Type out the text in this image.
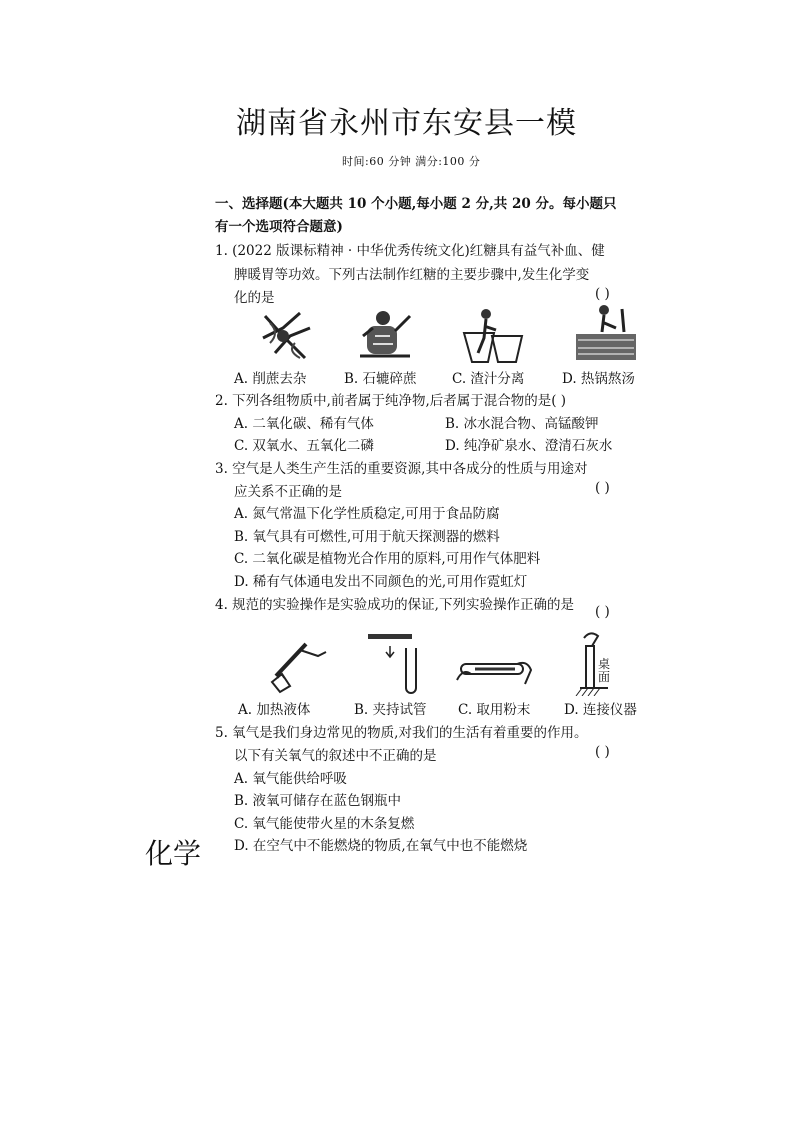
湖南省永州市东安县一模
时间:60 分钟 满分:100 分
一、选择题(本大题共 10 个小题,每小题 2 分,共 20 分。每小题只
有一个选项符合题意)
1. (2022 版课标精神 · 中华优秀传统文化)红糖具有益气补血、健
脾暖胃等功效。下列古法制作红糖的主要步骤中,发生化学变
化的是	( )
A. 削蔗去杂	B. 石辘碎蔗	C. 渣汁分离	D. 热锅熬汤
2. 下列各组物质中,前者属于纯净物,后者属于混合物的是( )
A. 二氧化碳、稀有气体	B. 冰水混合物、高锰酸钾
C. 双氧水、五氧化二磷	D. 纯净矿泉水、澄清石灰水
3. 空气是人类生产生活的重要资源,其中各成分的性质与用途对
应关系不正确的是	( )
A. 氮气常温下化学性质稳定,可用于食品防腐
B. 氧气具有可燃性,可用于航天探测器的燃料
C. 二氧化碳是植物光合作用的原料,可用作气体肥料
D. 稀有气体通电发出不同颜色的光,可用作霓虹灯
4. 规范的实验操作是实验成功的保证,下列实验操作正确的是 ( )
桌面
A. 加热液体	B. 夹持试管 C. 取用粉末 D. 连接仪器
5. 氧气是我们身边常见的物质,对我们的生活有着重要的作用。
以下有关氧气的叙述中不正确的是	( )
A. 氧气能供给呼吸
B. 液氧可储存在蓝色钢瓶中
C. 氧气能使带火星的木条复燃
D. 在空气中不能燃烧的物质,在氧气中也不能燃烧
化学
